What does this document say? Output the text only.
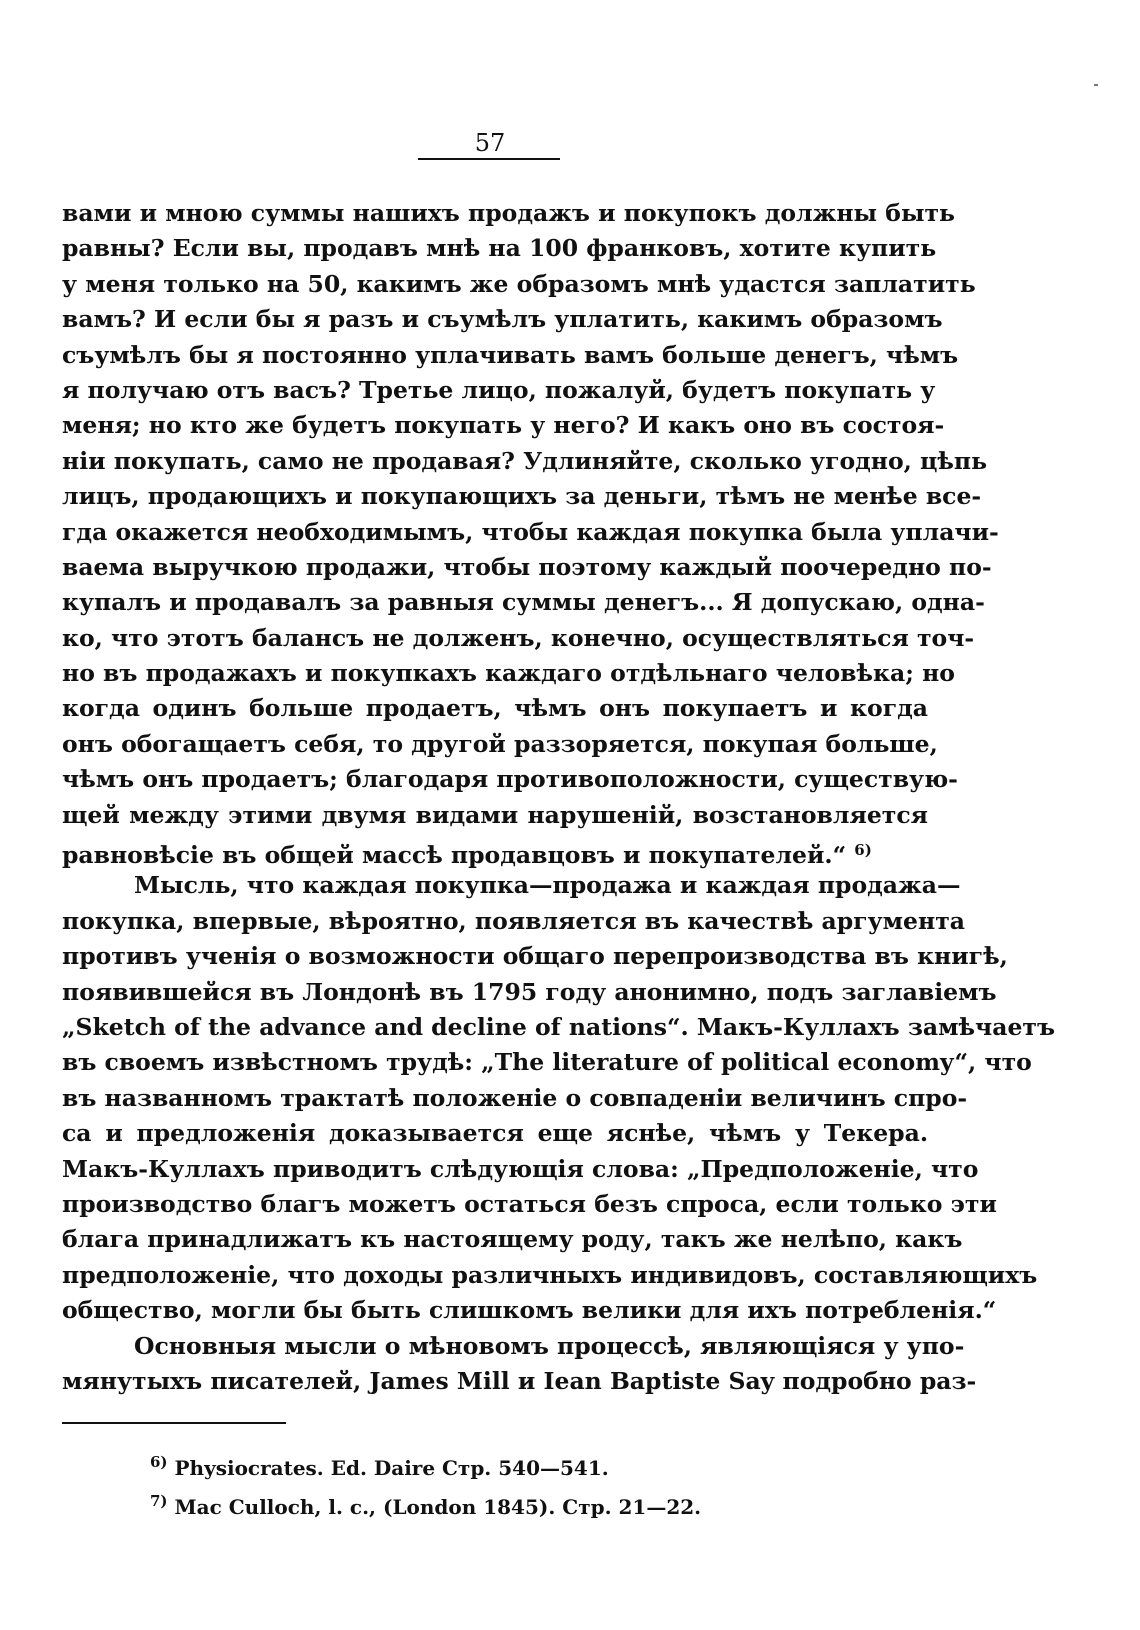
57
вами и мною суммы нашихъ продажъ и покупокъ должны быть
равны? Если вы, продавъ мнѣ на 100 франковъ, хотите купить
у меня только на 50, какимъ же образомъ мнѣ удастся заплатить
вамъ? И если бы я разъ и съумѣлъ уплатить, какимъ образомъ
съумѣлъ бы я постоянно уплачивать вамъ больше денегъ, чѣмъ
я получаю отъ васъ? Третье лицо, пожалуй, будетъ покупать у
меня; но кто же будетъ покупать у него? И какъ оно въ состоя-
нiи покупать, само не продавая? Удлиняйте, сколько угодно, цѣпь
лицъ, продающихъ и покупающихъ за деньги, тѣмъ не менѣе все-
гда окажется необходимымъ, чтобы каждая покупка была уплачи-
ваема выручкою продажи, чтобы поэтому каждый поочередно по-
купалъ и продавалъ за равныя суммы денегъ... Я допускаю, одна-
ко, что этотъ балансъ не долженъ, конечно, осуществляться точ-
но въ продажахъ и покупкахъ каждаго отдѣльнаго человѣка; но
когда одинъ больше продаетъ, чѣмъ онъ покупаетъ и когда
онъ обогащаетъ себя, то другой раззоряется, покупая больше,
чѣмъ онъ продаетъ; благодаря противоположности, существую-
щей между этими двумя видами нарушенiй, возстановляется
равновѣсiе въ общей массѣ продавцовъ и покупателей.“ $^{6)}$
Мысль, что каждая покупка—продажа и каждая продажа—
покупка, впервые, вѣроятно, появляется въ качествѣ аргумента
противъ ученiя о возможности общаго перепроизводства въ книгѣ,
появившейся въ Лондонѣ въ 1795 году анонимно, подъ заглавiемъ
„Sketch of the advance and decline of nations“. Макъ-Куллахъ замѣчаетъ
въ своемъ извѣстномъ трудѣ: „The literature of political economy“, что
въ названномъ трактатѣ положенiе о совпаденiи величинъ спро-
са и предложенiя доказывается еще яснѣе, чѣмъ у Текера.
Макъ-Куллахъ приводитъ слѣдующiя слова: „Предположенiе, что
производство благъ можетъ остаться безъ спроса, если только эти
блага принадлижатъ къ настоящему роду, такъ же нелѣпо, какъ
предположенiе, что доходы различныхъ индивидовъ, составляющихъ
общество, могли бы быть слишкомъ велики для ихъ потребленiя.“
Основныя мысли о мѣновомъ процессѣ, являющiяся у упо-
мянутыхъ писателей, James Mill и Iean Baptiste Say подробно раз-
$^{6)}$ Physiocrates. Ed. Daire Стр. 540—541.
$^{7)}$ Mac Culloch, l. c., (London 1845). Стр. 21—22.
